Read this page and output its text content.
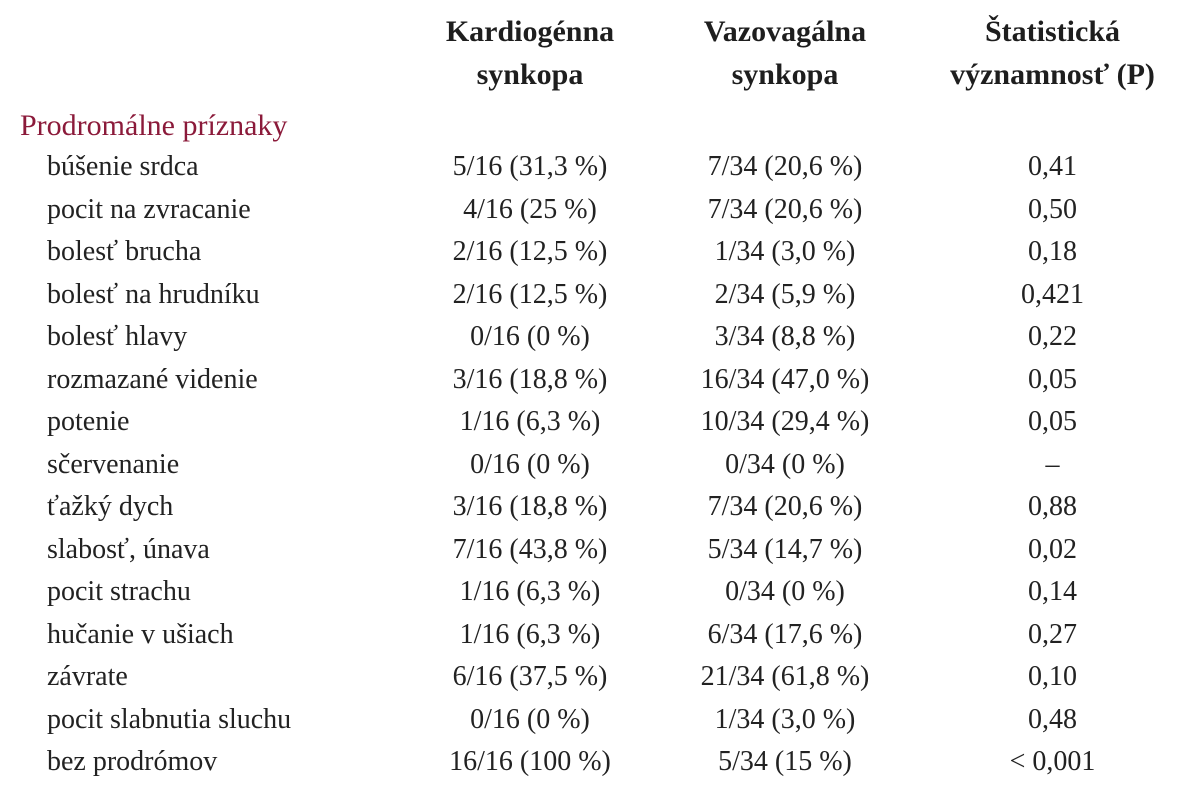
Kardiogénna
synkopa
Vazovagálna
synkopa
Štatistická
významnosť (P)
Prodromálne príznaky
búšenie srdca	5/16 (31,3 %)	7/34 (20,6 %)	0,41
pocit na zvracanie	4/16 (25 %)	7/34 (20,6 %)	0,50
bolesť brucha	2/16 (12,5 %)	1/34 (3,0 %)	0,18
bolesť na hrudníku	2/16 (12,5 %)	2/34 (5,9 %)	0,421
bolesť hlavy	0/16 (0 %)	3/34 (8,8 %)	0,22
rozmazané videnie	3/16 (18,8 %)	16/34 (47,0 %)	0,05
potenie	1/16 (6,3 %)	10/34 (29,4 %)	0,05
sčervenanie	0/16 (0 %)	0/34 (0 %)	–
ťažký dych	3/16 (18,8 %)	7/34 (20,6 %)	0,88
slabosť, únava	7/16 (43,8 %)	5/34 (14,7 %)	0,02
pocit strachu	1/16 (6,3 %)	0/34 (0 %)	0,14
hučanie v ušiach	1/16 (6,3 %)	6/34 (17,6 %)	0,27
závrate	6/16 (37,5 %)	21/34 (61,8 %)	0,10
pocit slabnutia sluchu	0/16 (0 %)	1/34 (3,0 %)	0,48
bez prodrómov	16/16 (100 %)	5/34 (15 %)	< 0,001
